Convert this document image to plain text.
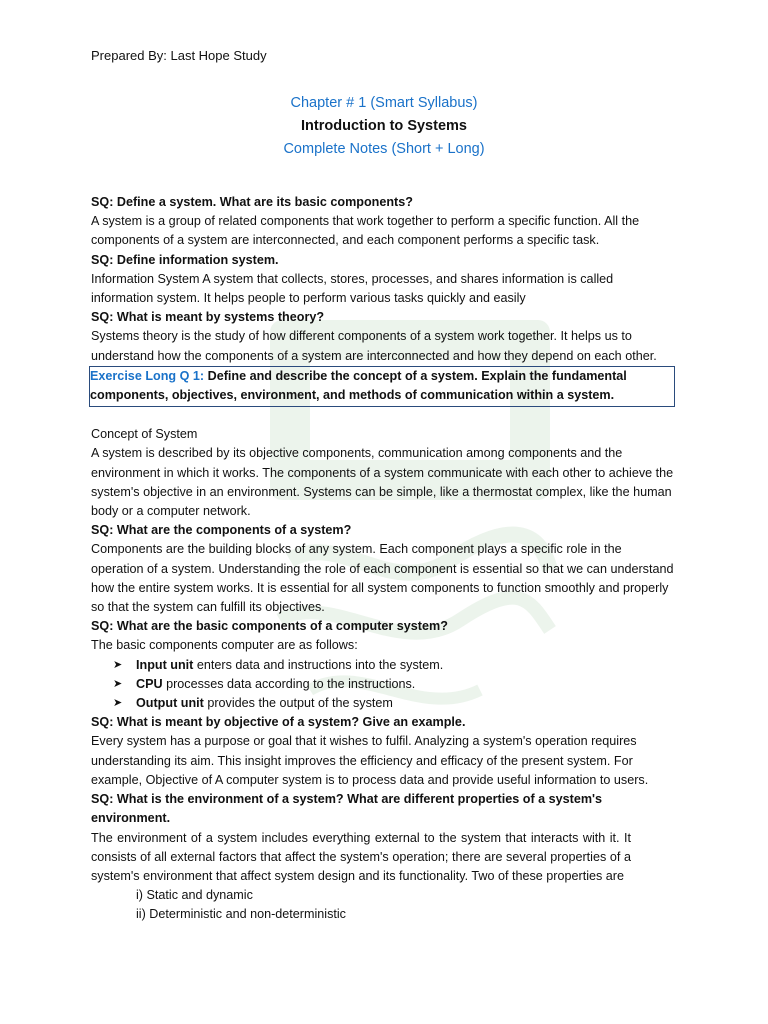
Prepared By: Last Hope Study
Chapter # 1 (Smart Syllabus)
Introduction to Systems
Complete Notes (Short + Long)

SQ: Define a system. What are its basic components?

A system is a group of related components that work together to perform a specific function. All the components of a system are interconnected, and each component performs a specific task.

SQ: Define information system.

Information System A system that collects, stores, processes, and shares information is called information system. It helps people to perform various tasks quickly and easily

SQ: What is meant by systems theory?

Systems theory is the study of how different components of a system work together. It helps us to understand how the components of a system are interconnected and how they depend on each other.

Exercise Long Q 1: Define and describe the concept of a system. Explain the fundamental components, objectives, environment, and methods of communication within a system.

Concept of System

A system is described by its objective components, communication among components and the environment in which it works. The components of a system communicate with each other to achieve the system's objective in an environment. Systems can be simple, like a thermostat complex, like the human body or a computer network.

SQ: What are the components of a system?

Components are the building blocks of any system. Each component plays a specific role in the operation of a system. Understanding the role of each component is essential so that we can understand how the entire system works. It is essential for all system components to function smoothly and properly so that the system can fulfill its objectives.

SQ: What are the basic components of a computer system?

The basic components computer are as follows:

➤ Input unit enters data and instructions into the system.
➤ CPU processes data according to the instructions.
➤ Output unit provides the output of the system

SQ: What is meant by objective of a system? Give an example.

Every system has a purpose or goal that it wishes to fulfil. Analyzing a system's operation requires understanding its aim. This insight improves the efficiency and efficacy of the present system. For example, Objective of A computer system is to process data and provide useful information to users.

SQ: What is the environment of a system? What are different properties of a system's environment.

The environment of a system includes everything external to the system that interacts with it. It consists of all external factors that affect the system's operation; there are several properties of a system's environment that affect system design and its functionality. Two of these properties are

i) Static and dynamic

ii) Deterministic and non-deterministic
